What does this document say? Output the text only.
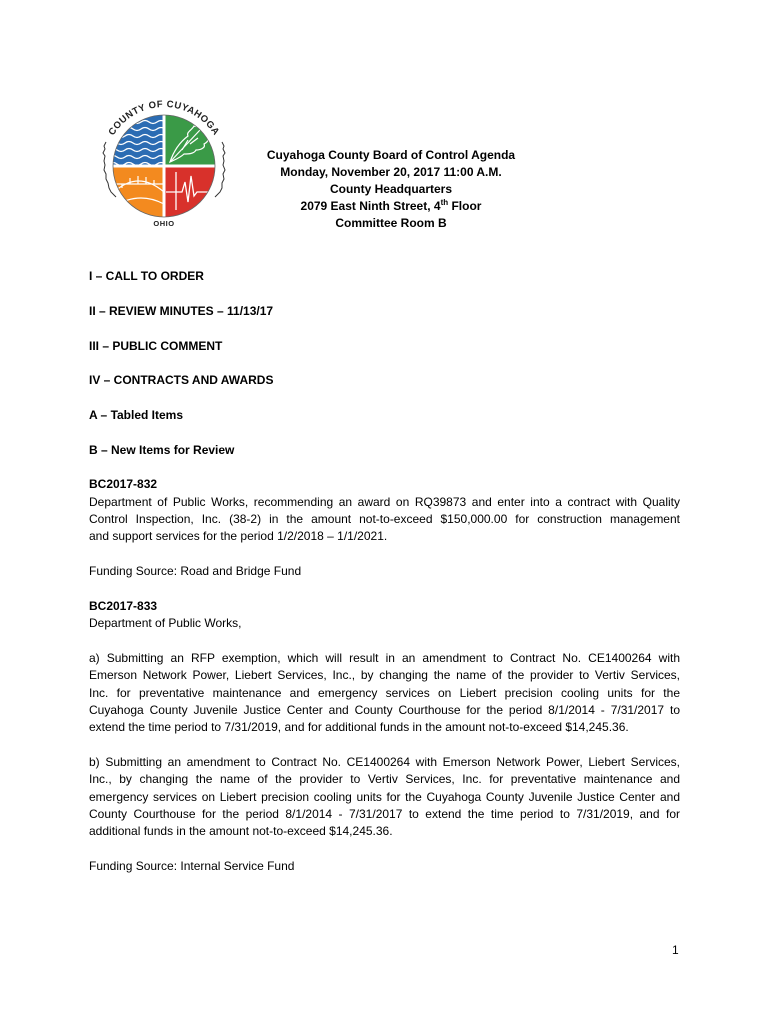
COUNTY OF CUYAHOGA
OHIO
Cuyahoga County Board of Control Agenda
Monday, November 20, 2017 11:00 A.M.
County Headquarters
2079 East Ninth Street, 4th Floor
Committee Room B
I – CALL TO ORDER
II – REVIEW MINUTES – 11/13/17
III – PUBLIC COMMENT
IV – CONTRACTS AND AWARDS
A – Tabled Items
B – New Items for Review
BC2017-832
Department of Public Works, recommending an award on RQ39873 and enter into a contract with Quality
Control Inspection, Inc. (38-2) in the amount not-to-exceed $150,000.00 for construction management
and support services for the period 1/2/2018 – 1/1/2021.
Funding Source: Road and Bridge Fund
BC2017-833
Department of Public Works,
a) Submitting an RFP exemption, which will result in an amendment to Contract No. CE1400264 with
Emerson Network Power, Liebert Services, Inc., by changing the name of the provider to Vertiv Services,
Inc. for preventative maintenance and emergency services on Liebert precision cooling units for the
Cuyahoga County Juvenile Justice Center and County Courthouse for the period 8/1/2014 - 7/31/2017 to
extend the time period to 7/31/2019, and for additional funds in the amount not-to-exceed $14,245.36.
b) Submitting an amendment to Contract No. CE1400264 with Emerson Network Power, Liebert Services,
Inc., by changing the name of the provider to Vertiv Services, Inc. for preventative maintenance and
emergency services on Liebert precision cooling units for the Cuyahoga County Juvenile Justice Center and
County Courthouse for the period 8/1/2014 - 7/31/2017 to extend the time period to 7/31/2019, and for
additional funds in the amount not-to-exceed $14,245.36.
Funding Source: Internal Service Fund
1
